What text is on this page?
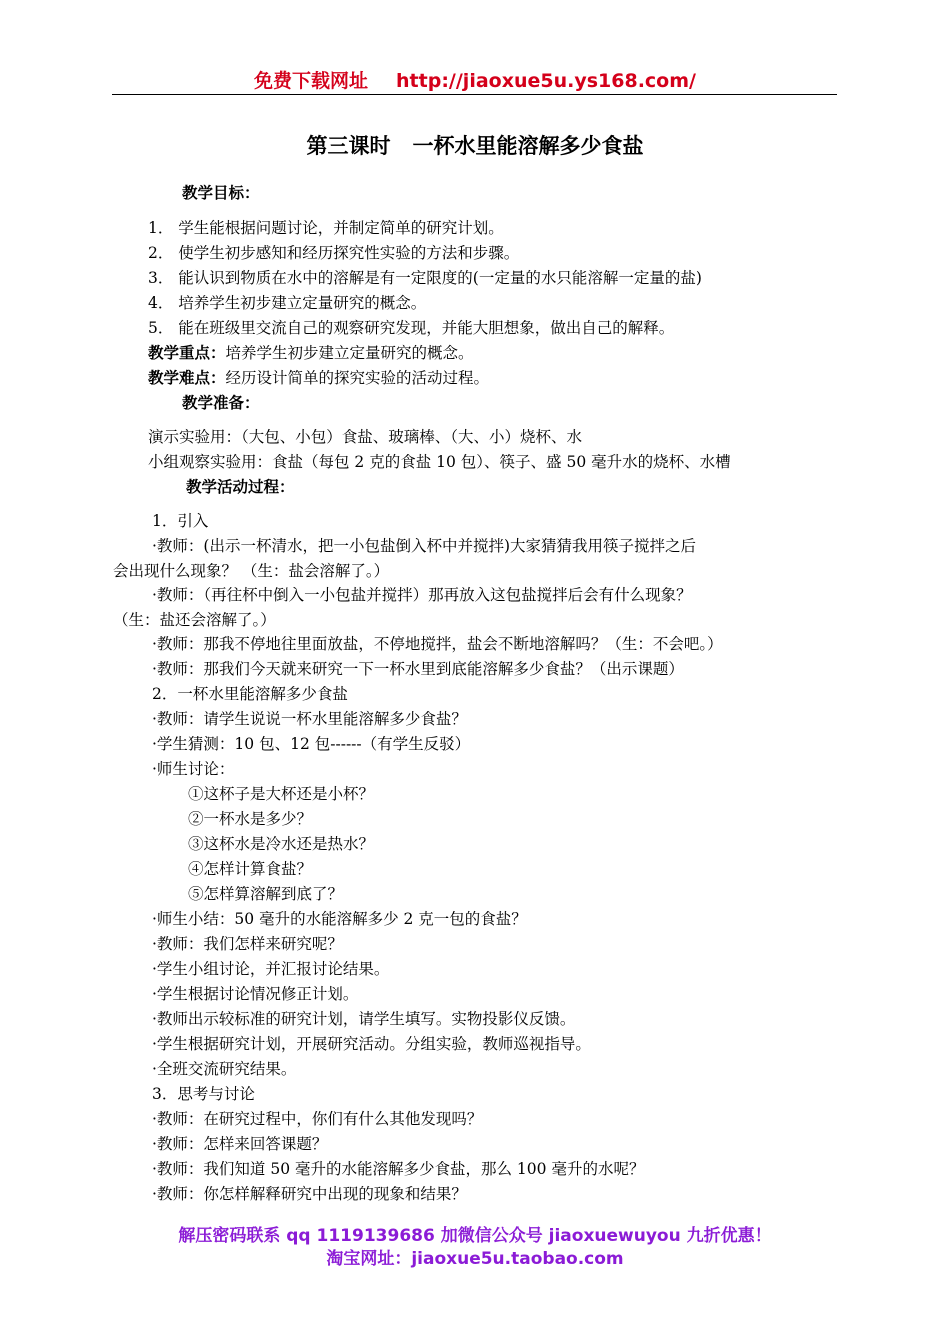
免费下载网址 http://jiaoxue5u.ys168.com/
第三课时 一杯水里能溶解多少食盐
教学目标：
1． 学生能根据问题讨论，并制定简单的研究计划。
2． 使学生初步感知和经历探究性实验的方法和步骤。
3． 能认识到物质在水中的溶解是有一定限度的(一定量的水只能溶解一定量的盐)
4． 培养学生初步建立定量研究的概念。
5． 能在班级里交流自己的观察研究发现，并能大胆想象，做出自己的解释。
教学重点：培养学生初步建立定量研究的概念。
教学难点：经历设计简单的探究实验的活动过程。
教学准备：
演示实验用：（大包、小包）食盐、玻璃棒、（大、小）烧杯、水
小组观察实验用：食盐（每包 2 克的食盐 10 包）、筷子、盛 50 毫升水的烧杯、水槽
教学活动过程：
1．引入
·教师：(出示一杯清水，把一小包盐倒入杯中并搅拌)大家猜猜我用筷子搅拌之后
会出现什么现象？ （生：盐会溶解了。）
·教师：（再往杯中倒入一小包盐并搅拌）那再放入这包盐搅拌后会有什么现象？
（生：盐还会溶解了。）
·教师：那我不停地往里面放盐，不停地搅拌，盐会不断地溶解吗？（生：不会吧。）
·教师：那我们今天就来研究一下一杯水里到底能溶解多少食盐？（出示课题）
2．一杯水里能溶解多少食盐
·教师：请学生说说一杯水里能溶解多少食盐？
·学生猜测：10 包、12 包------（有学生反驳）
·师生讨论：
①这杯子是大杯还是小杯？
②一杯水是多少？
③这杯水是冷水还是热水？
④怎样计算食盐？
⑤怎样算溶解到底了？
·师生小结：50 毫升的水能溶解多少 2 克一包的食盐？
·教师：我们怎样来研究呢？
·学生小组讨论，并汇报讨论结果。
·学生根据讨论情况修正计划。
·教师出示较标准的研究计划，请学生填写。实物投影仪反馈。
·学生根据研究计划，开展研究活动。分组实验，教师巡视指导。
·全班交流研究结果。
3．思考与讨论
·教师：在研究过程中，你们有什么其他发现吗？
·教师：怎样来回答课题？
·教师：我们知道 50 毫升的水能溶解多少食盐，那么 100 毫升的水呢？
·教师：你怎样解释研究中出现的现象和结果？
解压密码联系 qq 1119139686 加微信公众号 jiaoxuewuyou 九折优惠！
淘宝网址：jiaoxue5u.taobao.com
